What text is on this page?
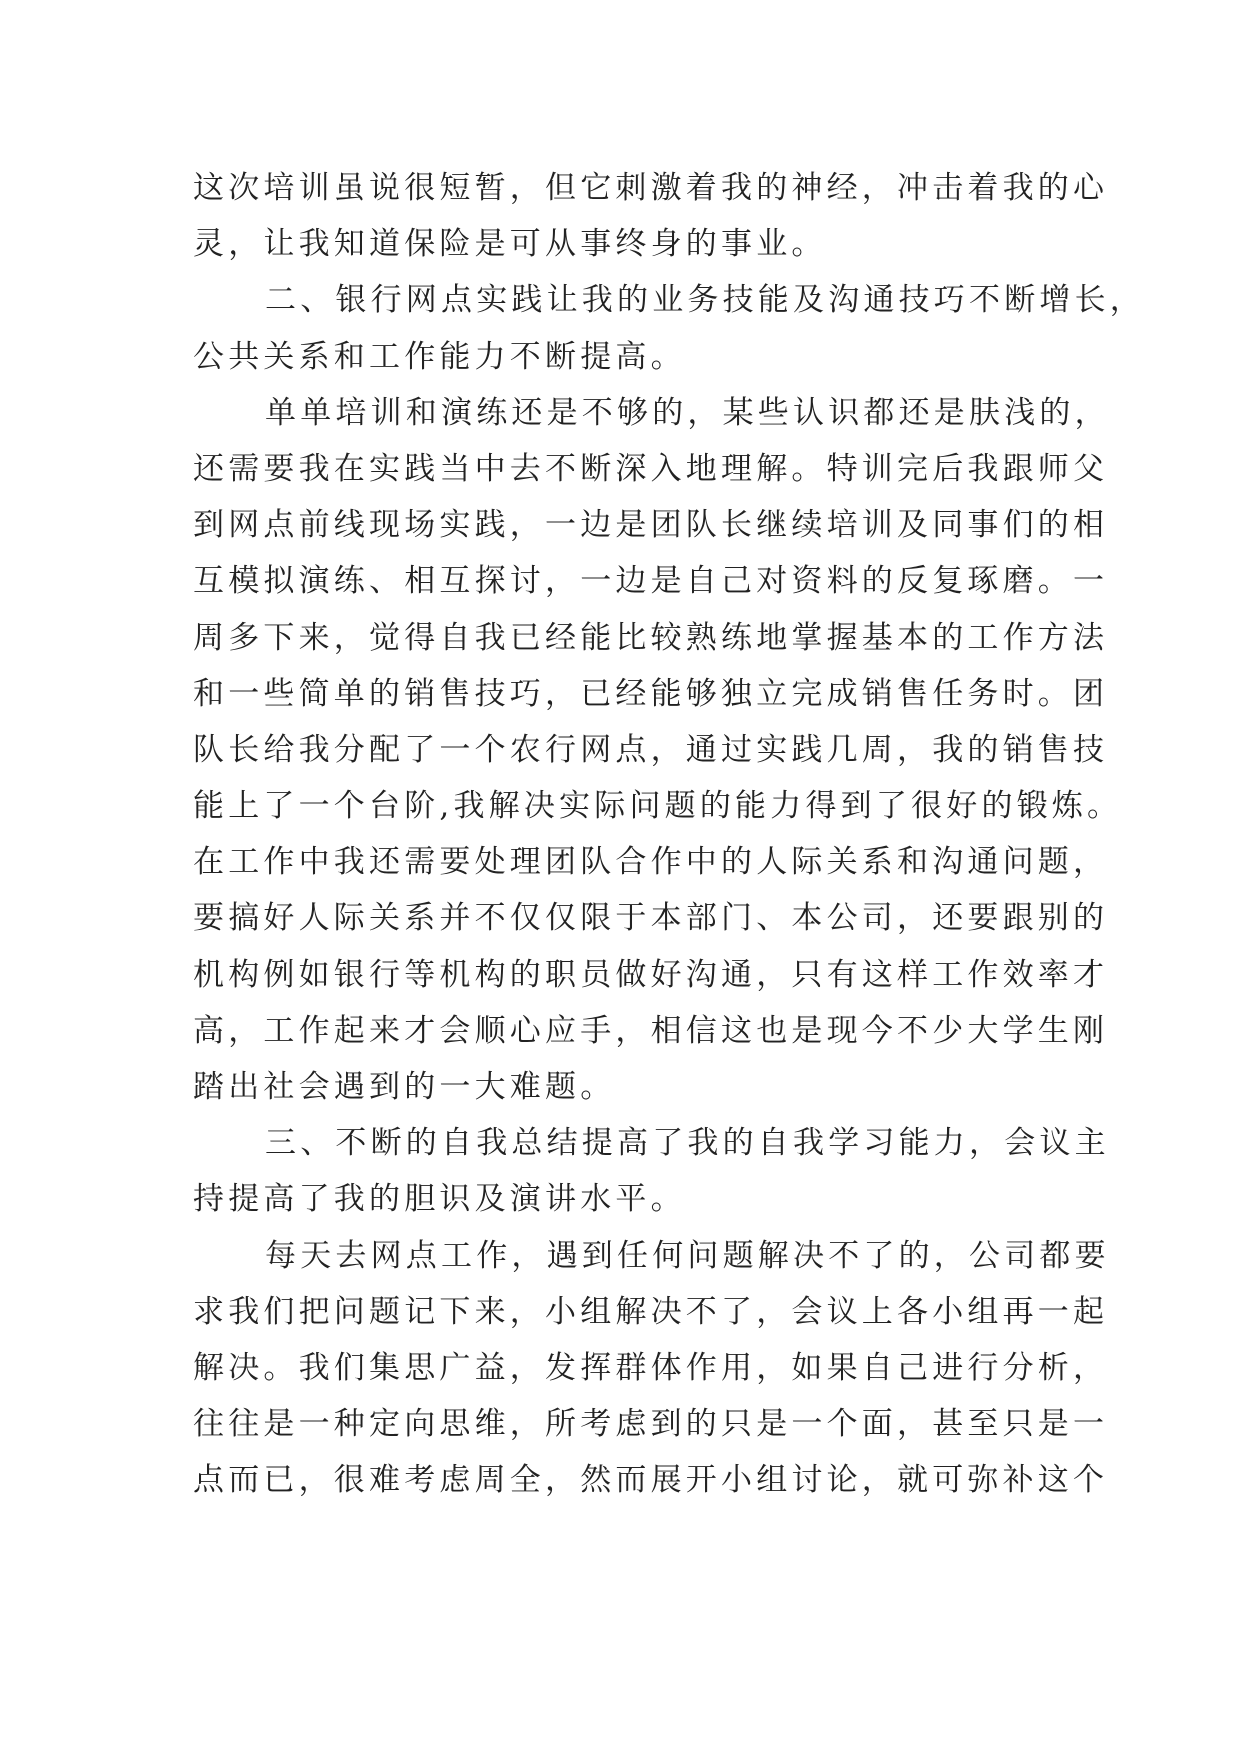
这次培训虽说很短暂，但它刺激着我的神经，冲击着我的心
灵，让我知道保险是可从事终身的事业。
二、银行网点实践让我的业务技能及沟通技巧不断增长，
公共关系和工作能力不断提高。
单单培训和演练还是不够的，某些认识都还是肤浅的，
还需要我在实践当中去不断深入地理解。特训完后我跟师父
到网点前线现场实践，一边是团队长继续培训及同事们的相
互模拟演练、相互探讨，一边是自己对资料的反复琢磨。一
周多下来，觉得自我已经能比较熟练地掌握基本的工作方法
和一些简单的销售技巧，已经能够独立完成销售任务时。团
队长给我分配了一个农行网点，通过实践几周，我的销售技
能上了一个台阶,我解决实际问题的能力得到了很好的锻炼。
在工作中我还需要处理团队合作中的人际关系和沟通问题，
要搞好人际关系并不仅仅限于本部门、本公司，还要跟别的
机构例如银行等机构的职员做好沟通，只有这样工作效率才
高，工作起来才会顺心应手，相信这也是现今不少大学生刚
踏出社会遇到的一大难题。
三、不断的自我总结提高了我的自我学习能力，会议主
持提高了我的胆识及演讲水平。
每天去网点工作，遇到任何问题解决不了的，公司都要
求我们把问题记下来，小组解决不了，会议上各小组再一起
解决。我们集思广益，发挥群体作用，如果自己进行分析，
往往是一种定向思维，所考虑到的只是一个面，甚至只是一
点而已，很难考虑周全，然而展开小组讨论，就可弥补这个
